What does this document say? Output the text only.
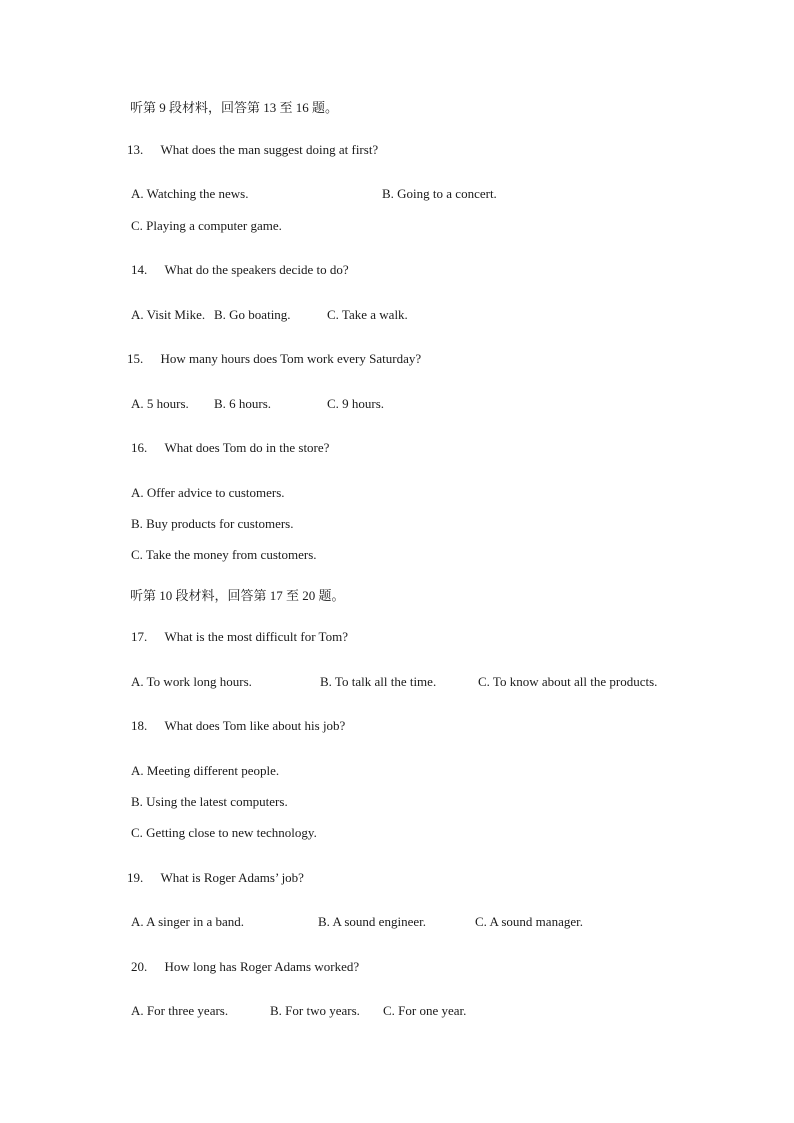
听第 9 段材料，回答第 13 至 16 题。
13. What does the man suggest doing at first?
A. Watching the news.	B. Going to a concert.
C. Playing a computer game.
14. What do the speakers decide to do?
A. Visit Mike. B. Go boating.	C. Take a walk.
15. How many hours does Tom work every Saturday?
A. 5 hours. B. 6 hours.	C. 9 hours.
16. What does Tom do in the store?
A. Offer advice to customers.
B. Buy products for customers.
C. Take the money from customers.
听第 10 段材料，回答第 17 至 20 题。
17. What is the most difficult for Tom?
A. To work long hours.	B. To talk all the time.	C. To know about all the products.
18. What does Tom like about his job?
A. Meeting different people.
B. Using the latest computers.
C. Getting close to new technology.
19. What is Roger Adams’ job?
A. A singer in a band.	B. A sound engineer.	C. A sound manager.
20. How long has Roger Adams worked?
A. For three years.	B. For two years. C. For one year.
